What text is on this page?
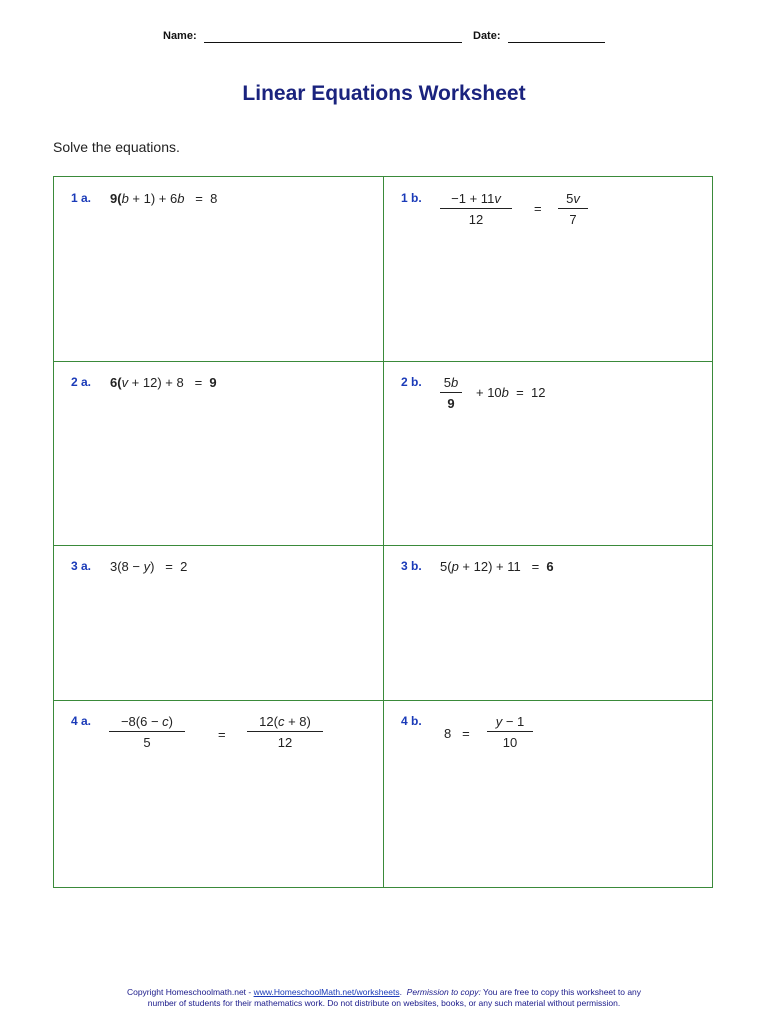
Name:	Date:
Linear Equations Worksheet
Solve the equations.
1 a. 9(b + 1) + 6b = 8	1 b.	−1 + 11v
12
=
5v
7
2 a. 6(v + 12) + 8 = 9	2 b. 5b
9
+ 10b = 12
3 a. 3(8 − y) = 2	3 b. 5(p + 12) + 11 = 6
4 a.	−8(6 − c)
5
=
12(c + 8)
12
4 b.
8 =
y − 1
10
Copyright Homeschoolmath.net - www.HomeschoolMath.net/worksheets.  Permission to copy: You are free to copy this worksheet to any
number of students for their mathematics work. Do not distribute on websites, books, or any such material without permission.
